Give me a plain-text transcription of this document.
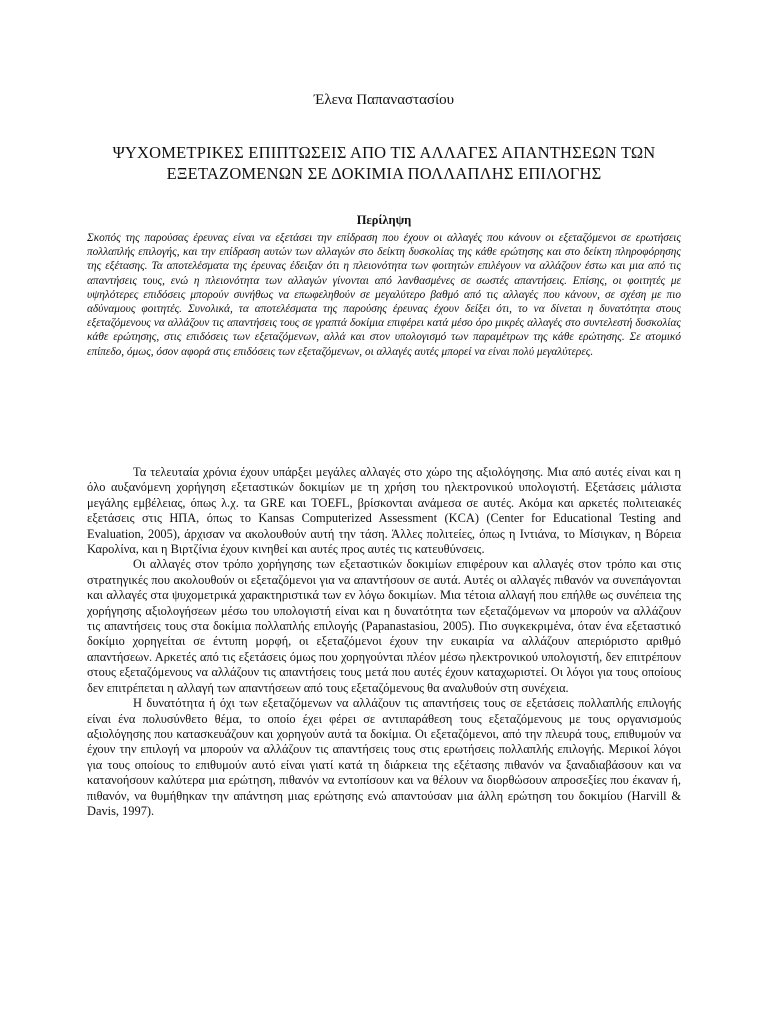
Έλενα Παπαναστασίου
ΨΥΧΟΜΕΤΡΙΚΕΣ ΕΠΙΠΤΩΣΕΙΣ ΑΠΟ ΤΙΣ ΑΛΛΑΓΕΣ ΑΠΑΝΤΗΣΕΩΝ ΤΩΝ ΕΞΕΤΑΖΟΜΕΝΩΝ ΣΕ ΔΟΚΙΜΙΑ ΠΟΛΛΑΠΛΗΣ ΕΠΙΛΟΓΗΣ
Περίληψη
Σκοπός της παρούσας έρευνας είναι να εξετάσει την επίδραση που έχουν οι αλλαγές που κάνουν οι εξεταζόμενοι σε ερωτήσεις πολλαπλής επιλογής, και την επίδραση αυτών των αλλαγών στο δείκτη δυσκολίας της κάθε ερώτησης και στο δείκτη πληροφόρησης της εξέτασης. Τα αποτελέσματα της έρευνας έδειξαν ότι η πλειονότητα των φοιτητών επιλέγουν να αλλάζουν έστω και μια από τις απαντήσεις τους, ενώ η πλειονότητα των αλλαγών γίνονται από λανθασμένες σε σωστές απαντήσεις. Επίσης, οι φοιτητές με υψηλότερες επιδόσεις μπορούν συνήθως να επωφεληθούν σε μεγαλύτερο βαθμό από τις αλλαγές που κάνουν, σε σχέση με πιο αδύναμους φοιτητές. Συνολικά, τα αποτελέσματα της παρούσης έρευνας έχουν δείξει ότι, το να δίνεται η δυνατότητα στους εξεταζόμενους να αλλάζουν τις απαντήσεις τους σε γραπτά δοκίμια επιφέρει κατά μέσο όρο μικρές αλλαγές στο συντελεστή δυσκολίας κάθε ερώτησης, στις επιδόσεις των εξεταζόμενων, αλλά και στον υπολογισμό των παραμέτρων της κάθε ερώτησης. Σε ατομικό επίπεδο, όμως, όσον αφορά στις επιδόσεις των εξεταζόμενων, οι αλλαγές αυτές μπορεί να είναι πολύ μεγαλύτερες.

Τα τελευταία χρόνια έχουν υπάρξει μεγάλες αλλαγές στο χώρο της αξιολόγησης. Μια από αυτές είναι και η όλο αυξανόμενη χορήγηση εξεταστικών δοκιμίων με τη χρήση του ηλεκτρονικού υπολογιστή. Εξετάσεις μάλιστα μεγάλης εμβέλειας, όπως λ.χ. τα GRE και TOEFL, βρίσκονται ανάμεσα σε αυτές. Ακόμα και αρκετές πολιτειακές εξετάσεις στις ΗΠΑ, όπως το Kansas Computerized Assessment (KCA) (Center for Educational Testing and Evaluation, 2005), άρχισαν να ακολουθούν αυτή την τάση. Άλλες πολιτείες, όπως η Ιντιάνα, το Μίσιγκαν, η Βόρεια Καρολίνα, και η Βιρτζίνια έχουν κινηθεί και αυτές προς αυτές τις κατευθύνσεις.

Οι αλλαγές στον τρόπο χορήγησης των εξεταστικών δοκιμίων επιφέρουν και αλλαγές στον τρόπο και στις στρατηγικές που ακολουθούν οι εξεταζόμενοι για να απαντήσουν σε αυτά. Αυτές οι αλλαγές πιθανόν να συνεπάγονται και αλλαγές στα ψυχομετρικά χαρακτηριστικά των εν λόγω δοκιμίων. Μια τέτοια αλλαγή που επήλθε ως συνέπεια της χορήγησης αξιολογήσεων μέσω του υπολογιστή είναι και η δυνατότητα των εξεταζόμενων να μπορούν να αλλάζουν τις απαντήσεις τους στα δοκίμια πολλαπλής επιλογής (Papanastasiou, 2005). Πιο συγκεκριμένα, όταν ένα εξεταστικό δοκίμιο χορηγείται σε έντυπη μορφή, οι εξεταζόμενοι έχουν την ευκαιρία να αλλάζουν απεριόριστο αριθμό απαντήσεων. Αρκετές από τις εξετάσεις όμως που χορηγούνται πλέον μέσω ηλεκτρονικού υπολογιστή, δεν επιτρέπουν στους εξεταζόμενους να αλλάζουν τις απαντήσεις τους μετά που αυτές έχουν καταχωριστεί. Οι λόγοι για τους οποίους δεν επιτρέπεται η αλλαγή των απαντήσεων από τους εξεταζόμενους θα αναλυθούν στη συνέχεια.

Η δυνατότητα ή όχι των εξεταζόμενων να αλλάζουν τις απαντήσεις τους σε εξετάσεις πολλαπλής επιλογής είναι ένα πολυσύνθετο θέμα, το οποίο έχει φέρει σε αντιπαράθεση τους εξεταζόμενους με τους οργανισμούς αξιολόγησης που κατασκευάζουν και χορηγούν αυτά τα δοκίμια. Οι εξεταζόμενοι, από την πλευρά τους, επιθυμούν να έχουν την επιλογή να μπορούν να αλλάζουν τις απαντήσεις τους στις ερωτήσεις πολλαπλής επιλογής. Μερικοί λόγοι για τους οποίους το επιθυμούν αυτό είναι γιατί κατά τη διάρκεια της εξέτασης πιθανόν να ξαναδιαβάσουν και να κατανοήσουν καλύτερα μια ερώτηση, πιθανόν να εντοπίσουν και να θέλουν να διορθώσουν απροσεξίες που έκαναν ή, πιθανόν, να θυμήθηκαν την απάντηση μιας ερώτησης ενώ απαντούσαν μια άλλη ερώτηση του δοκιμίου (Harvill & Davis, 1997).
